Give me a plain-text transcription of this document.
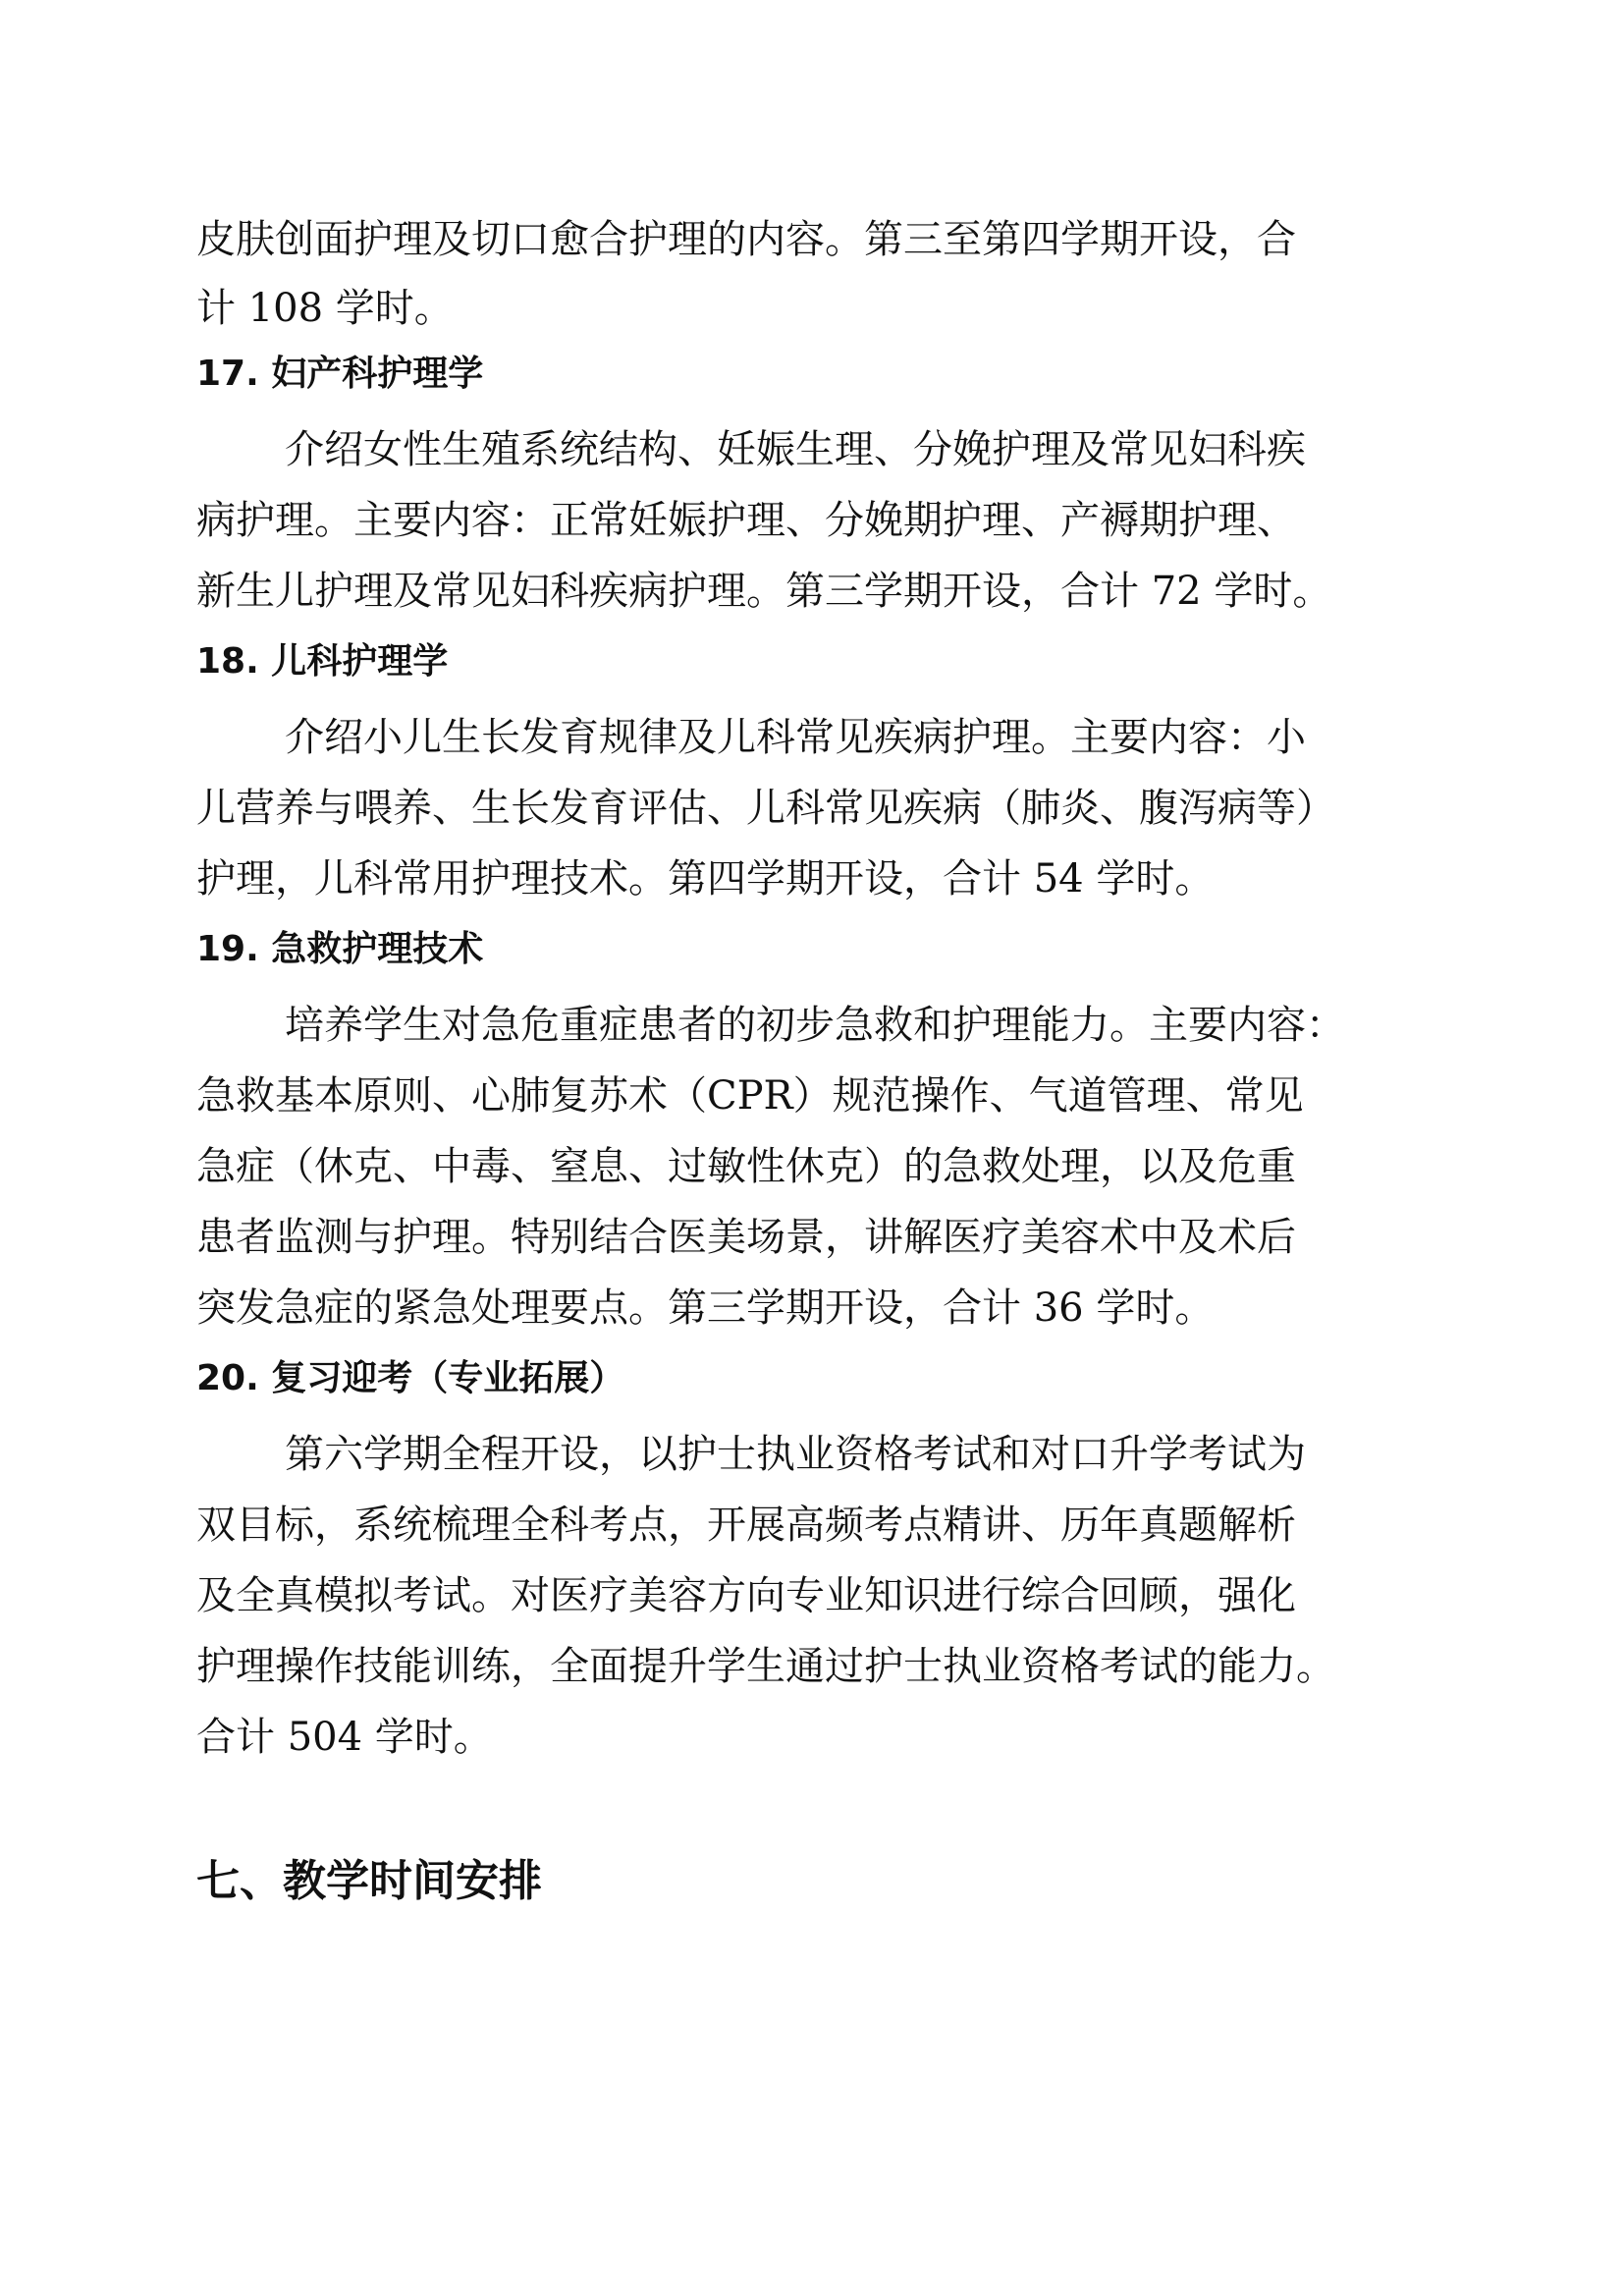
皮肤创面护理及切口愈合护理的内容。第三至第四学期开设，合
计 108 学时。
17. 妇产科护理学
介绍女性生殖系统结构、妊娠生理、分娩护理及常见妇科疾
病护理。主要内容：正常妊娠护理、分娩期护理、产褥期护理、
新生儿护理及常见妇科疾病护理。第三学期开设，合计 72 学时。
18. 儿科护理学
介绍小儿生长发育规律及儿科常见疾病护理。主要内容：小
儿营养与喂养、生长发育评估、儿科常见疾病（肺炎、腹泻病等）
护理，儿科常用护理技术。第四学期开设，合计 54 学时。
19. 急救护理技术
培养学生对急危重症患者的初步急救和护理能力。主要内容：
急救基本原则、心肺复苏术（CPR）规范操作、气道管理、常见
急症（休克、中毒、窒息、过敏性休克）的急救处理，以及危重
患者监测与护理。特别结合医美场景，讲解医疗美容术中及术后
突发急症的紧急处理要点。第三学期开设，合计 36 学时。
20. 复习迎考（专业拓展）
第六学期全程开设，以护士执业资格考试和对口升学考试为
双目标，系统梳理全科考点，开展高频考点精讲、历年真题解析
及全真模拟考试。对医疗美容方向专业知识进行综合回顾，强化
护理操作技能训练，全面提升学生通过护士执业资格考试的能力。
合计 504 学时。
七、教学时间安排
